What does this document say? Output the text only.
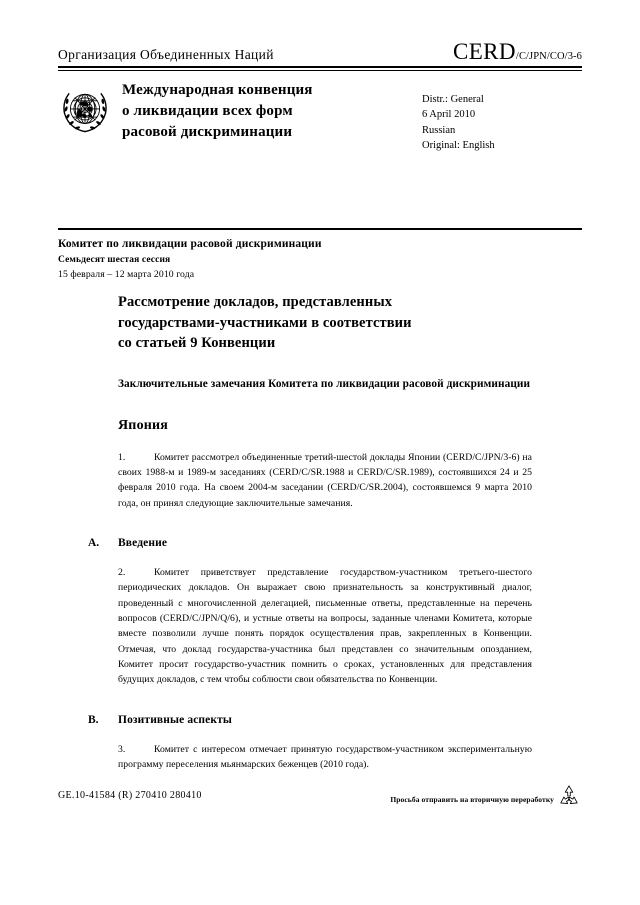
Организация Объединенных Наций	CERD /C/JPN/CO/3-6
Международная конвенция
о ликвидации всех форм
расовой дискриминации
Distr.: General
6 April 2010
Russian
Original: English
Комитет по ликвидации расовой дискриминации
Семьдесят шестая сессия
15 февраля – 12 марта 2010 года
Рассмотрение докладов, представленных
государствами-участниками в соответствии
со статьей 9 Конвенции
Заключительные замечания Комитета по ликвидации расовой дискриминации
Япония

1.	Комитет рассмотрел объединенные третий-шестой доклады Японии (CERD/C/JPN/3-6) на своих 1988-м и 1989-м заседаниях (CERD/C/SR.1988 и CERD/C/SR.1989), состоявшихся 24 и 25 февраля 2010 года. На своем 2004-м заседании (CERD/C/SR.2004), состоявшемся 9 марта 2010 года, он принял следующие заключительные замечания.

A.	Введение

2.	Комитет приветствует представление государством-участником третьего-шестого периодических докладов. Он выражает свою признательность за конструктивный диалог, проведенный с многочисленной делегацией, письменные ответы, представленные на перечень вопросов (CERD/C/JPN/Q/6), и устные ответы на вопросы, заданные членами Комитета, которые вместе позволили лучше понять порядок осуществления прав, закрепленных в Конвенции. Отмечая, что доклад государства-участника был представлен со значительным опозданием, Комитет просит государство-участник помнить о сроках, установленных для представления будущих докладов, с тем чтобы соблюсти свои обязательства по Конвенции.

B.	Позитивные аспекты

3.	Комитет с интересом отмечает принятую государством-участником экспериментальную программу переселения мьянмарских беженцев (2010 года).

GE.10-41584 (R) 270410 280410	Просьба отправить на вторичную переработку
